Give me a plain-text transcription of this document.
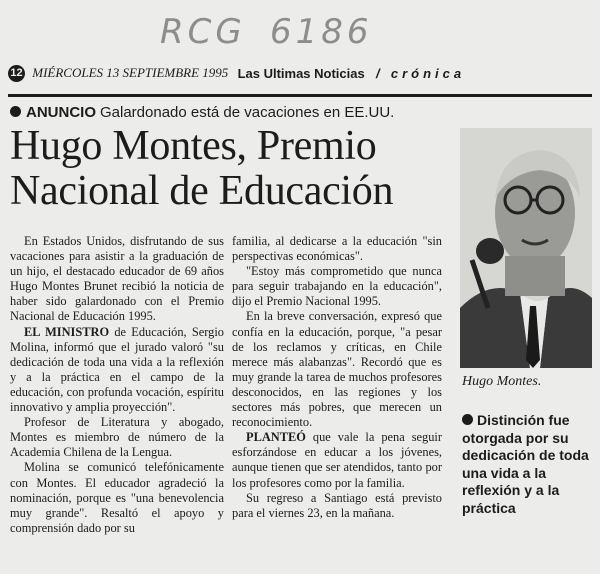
RCG 6186
12 MIÉRCOLES 13 SEPTIEMBRE 1995 Las Ultimas Noticias / crónica
ANUNCIO Galardonado está de vacaciones en EE.UU.
Hugo Montes, Premio
Nacional de Educación

En Estados Unidos, disfrutando de sus vacaciones para asistir a la graduación de un hijo, el destacado educador de 69 años Hugo Montes Brunet recibió la noticia de haber sido galardonado con el Premio Nacional de Educación 1995.

EL MINISTRO de Educación, Sergio Molina, informó que el jurado valoró "su dedicación de toda una vida a la reflexión y a la práctica en el campo de la educación, con profunda vocación, espíritu innovativo y amplia proyección".

Profesor de Literatura y abogado, Montes es miembro de número de la Academia Chilena de la Lengua.

Molina se comunicó telefónicamente con Montes. El educador agradeció la nominación, porque es "una benevolencia muy grande". Resaltó el apoyo y comprensión dado por su

familia, al dedicarse a la educación "sin perspectivas económicas".

"Estoy más comprometido que nunca para seguir trabajando en la educación", dijo el Premio Nacional 1995.

En la breve conversación, expresó que confía en la educación, porque, "a pesar de los reclamos y críticas, en Chile merece más alabanzas". Recordó que es muy grande la tarea de muchos profesores desconocidos, en las regiones y los sectores más pobres, que merecen un reconocimiento.

PLANTEÓ que vale la pena seguir esforzándose en educar a los jóvenes, aunque tienen que ser atendidos, tanto por los profesores como por la familia.

Su regreso a Santiago está previsto para el viernes 23, en la mañana.

Hugo Montes.
Distinción fue otorgada por su dedicación de toda una vida a la reflexión y a la práctica
